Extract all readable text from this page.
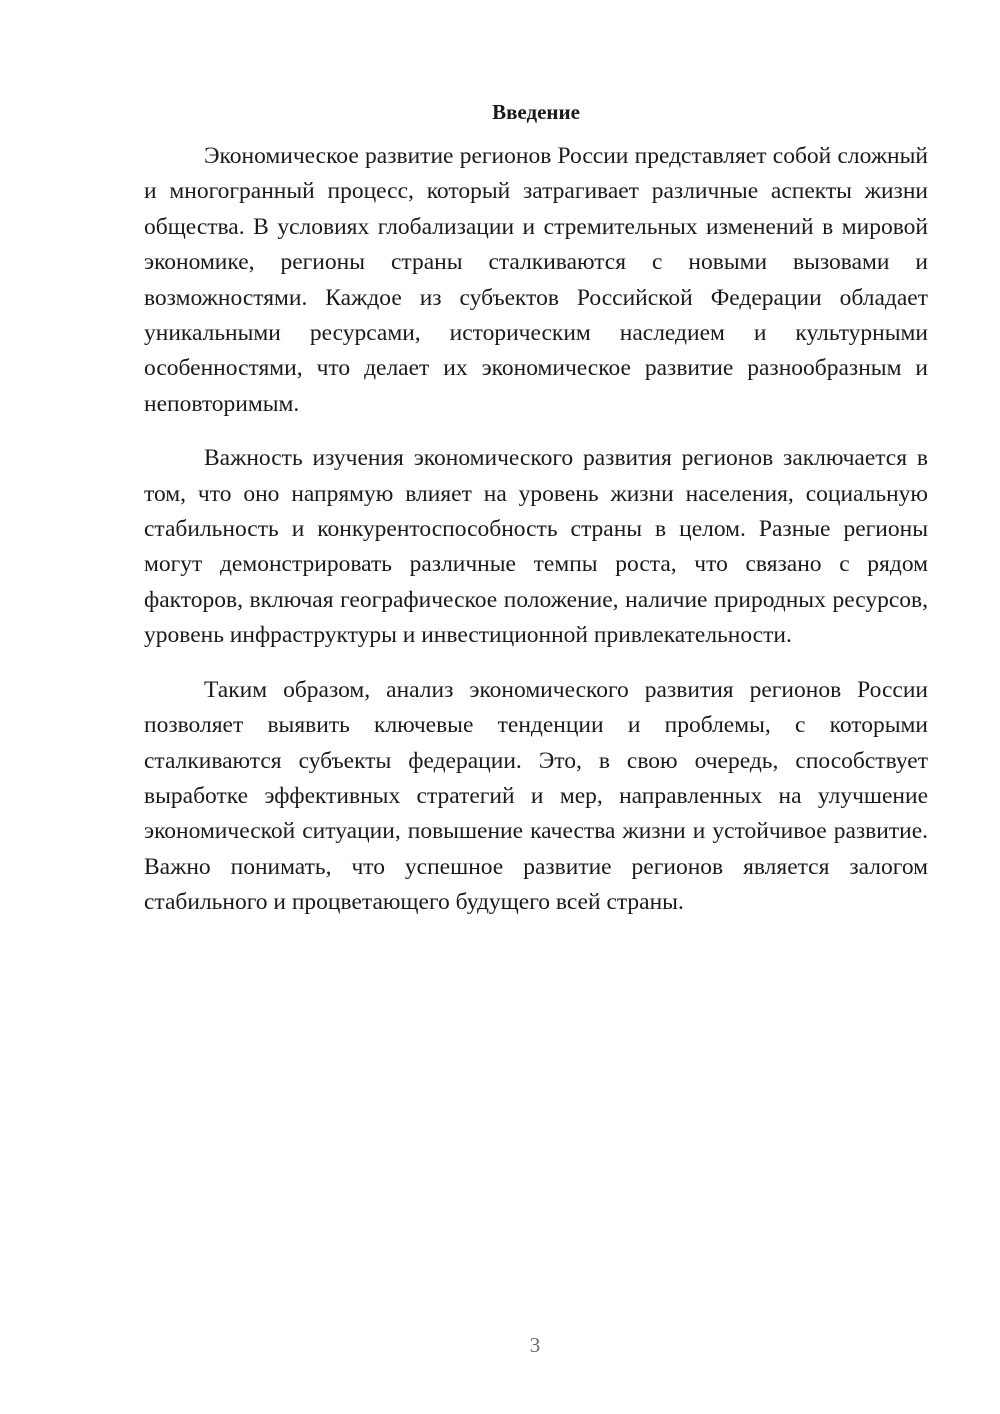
Введение

Экономическое развитие регионов России представляет собой сложный и многогранный процесс, который затрагивает различные аспекты жизни общества. В условиях глобализации и стремительных изменений в мировой экономике, регионы страны сталкиваются с новыми вызовами и возможностями. Каждое из субъектов Российской Федерации обладает уникальными ресурсами, историческим наследием и культурными особенностями, что делает их экономическое развитие разнообразным и неповторимым.

Важность изучения экономического развития регионов заключается в том, что оно напрямую влияет на уровень жизни населения, социальную стабильность и конкурентоспособность страны в целом. Разные регионы могут демонстрировать различные темпы роста, что связано с рядом факторов, включая географическое положение, наличие природных ресурсов, уровень инфраструктуры и инвестиционной привлекательности.

Таким образом, анализ экономического развития регионов России позволяет выявить ключевые тенденции и проблемы, с которыми сталкиваются субъекты федерации. Это, в свою очередь, способствует выработке эффективных стратегий и мер, направленных на улучшение экономической ситуации, повышение качества жизни и устойчивое развитие. Важно понимать, что успешное развитие регионов является залогом стабильного и процветающего будущего всей страны.

3
